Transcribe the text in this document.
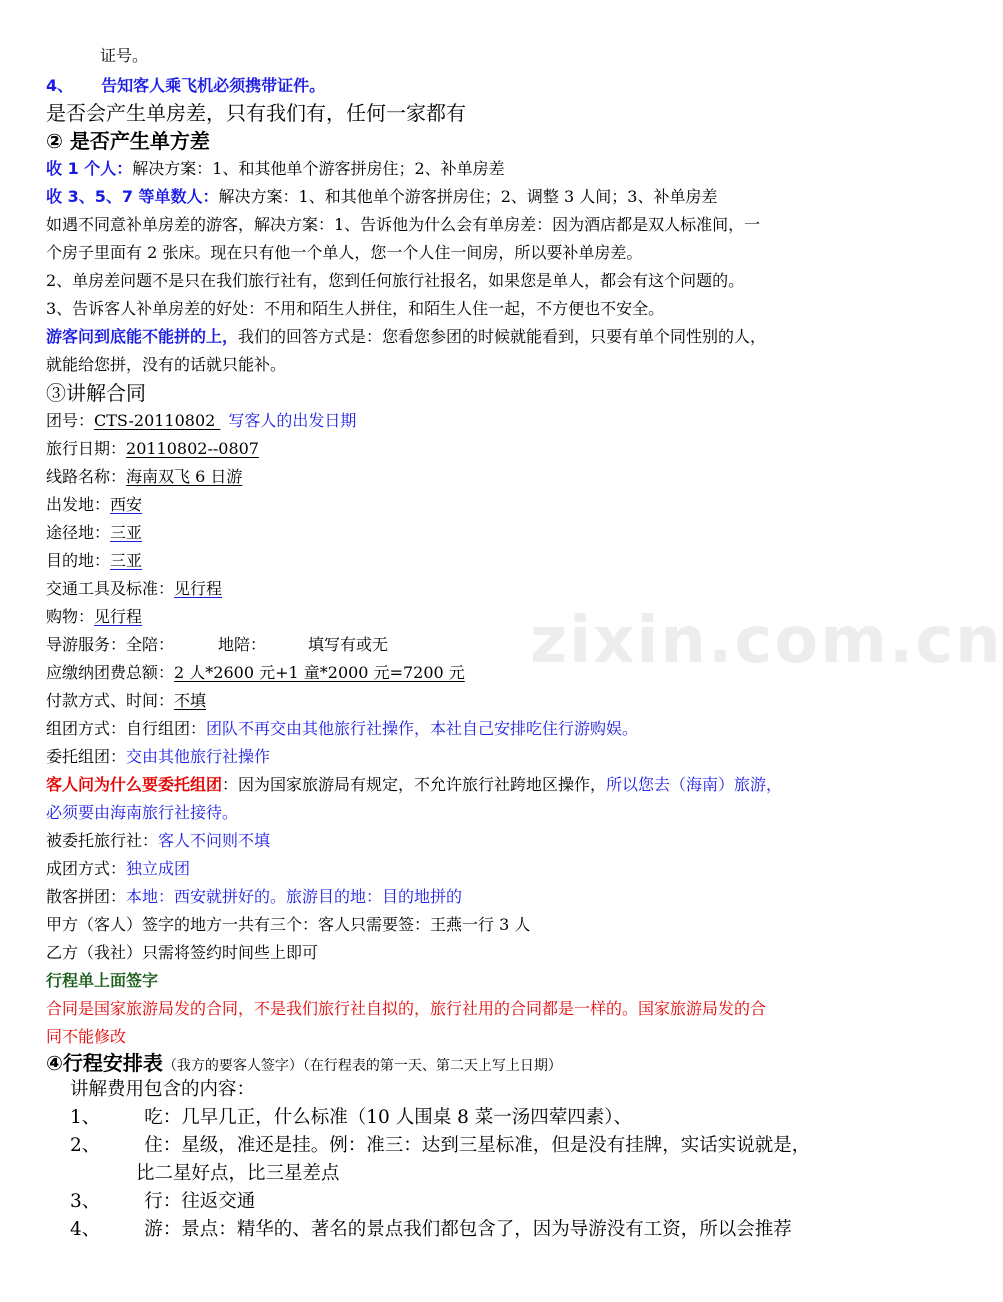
zixin.com.cn
证号。
4、 告知客人乘飞机必须携带证件。
是否会产生单房差，只有我们有，任何一家都有
② 是否产生单方差
收 1 个人：解决方案：1、和其他单个游客拼房住；2、补单房差
收 3、5、7 等单数人：解决方案：1、和其他单个游客拼房住；2、调整 3 人间；3、补单房差
如遇不同意补单房差的游客，解决方案：1、告诉他为什么会有单房差：因为酒店都是双人标准间，一
个房子里面有 2 张床。现在只有他一个单人，您一个人住一间房，所以要补单房差。
2、单房差问题不是只在我们旅行社有，您到任何旅行社报名，如果您是单人，都会有这个问题的。
3、告诉客人补单房差的好处：不用和陌生人拼住，和陌生人住一起，不方便也不安全。
游客问到底能不能拼的上，我们的回答方式是：您看您参团的时候就能看到，只要有单个同性别的人，
就能给您拼，没有的话就只能补。
③讲解合同
团号：CTS-20110802 写客人的出发日期
旅行日期：20110802--0807
线路名称：海南双飞 6 日游
出发地：西安
途径地：三亚
目的地：三亚
交通工具及标准：见行程
购物：见行程
导游服务：全陪：	地陪：	填写有或无
应缴纳团费总额：2 人*2600 元+1 童*2000 元=7200 元
付款方式、时间：不填
组团方式：自行组团：团队不再交由其他旅行社操作，本社自己安排吃住行游购娱。
委托组团：交由其他旅行社操作
客人问为什么要委托组团：因为国家旅游局有规定，不允许旅行社跨地区操作，所以您去（海南）旅游，
必须要由海南旅行社接待。
被委托旅行社：客人不问则不填
成团方式：独立成团
散客拼团：本地：西安就拼好的。旅游目的地：目的地拼的
甲方（客人）签字的地方一共有三个：客人只需要签：王燕一行 3 人
乙方（我社）只需将签约时间些上即可
行程单上面签字
合同是国家旅游局发的合同，不是我们旅行社自拟的，旅行社用的合同都是一样的。国家旅游局发的合
同不能修改
④行程安排表（我方的要客人签字）（在行程表的第一天、第二天上写上日期）
讲解费用包含的内容：
1、 吃：几早几正，什么标准（10 人围桌 8 菜一汤四荤四素）、
2、 住：星级，准还是挂。例：准三：达到三星标准，但是没有挂牌，实话实说就是，
比二星好点，比三星差点
3、 行：往返交通
4、 游：景点：精华的、著名的景点我们都包含了，因为导游没有工资，所以会推荐
